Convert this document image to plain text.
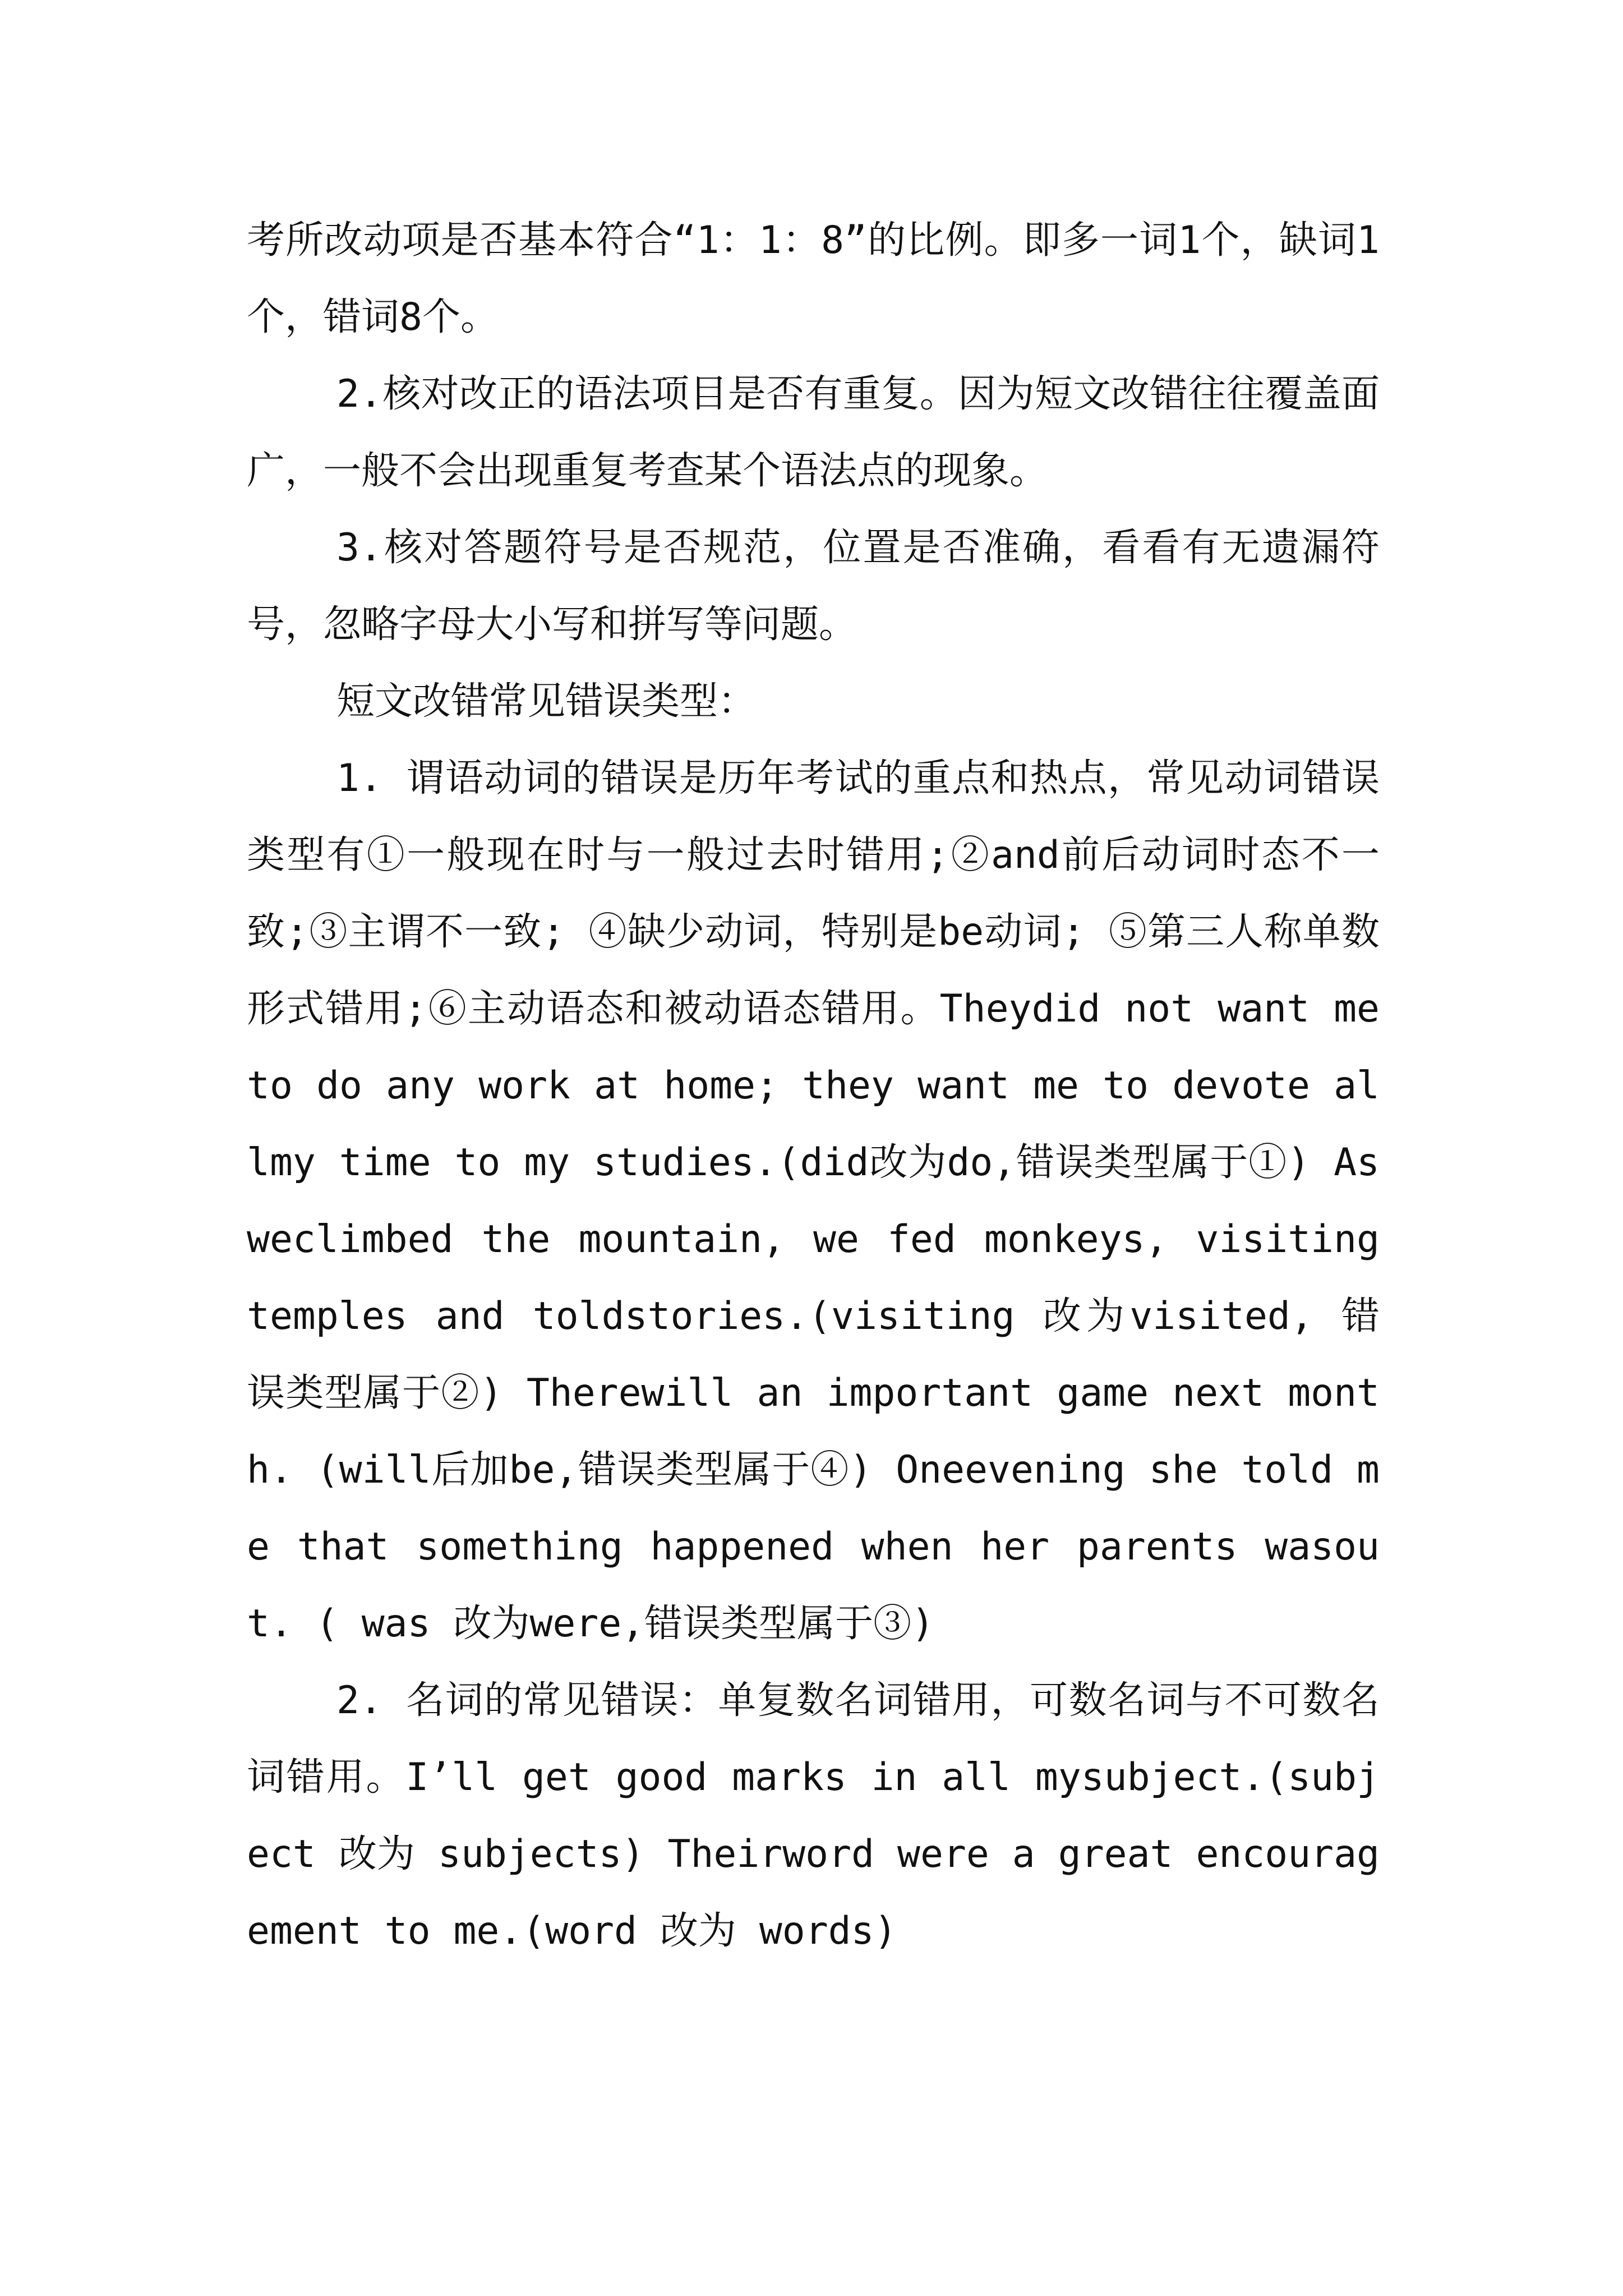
考所改动项是否基本符合“1：1：8”的比例。即多一词1个，缺词1个，错词8个。

2.核对改正的语法项目是否有重复。因为短文改错往往覆盖面广，一般不会出现重复考查某个语法点的现象。

3.核对答题符号是否规范，位置是否准确，看看有无遗漏符号，忽略字母大小写和拼写等问题。

短文改错常见错误类型：

1. 谓语动词的错误是历年考试的重点和热点，常见动词错误类型有①一般现在时与一般过去时错用;②and前后动词时态不一致;③主谓不一致; ④缺少动词，特别是be动词; ⑤第三人称单数形式错用;⑥主动语态和被动语态错用。Theydid not want me to do any work at home; they want me to devote allmy time to my studies.(did改为do,错误类型属于①) As weclimbed the mountain, we fed monkeys, visiting temples and toldstories.(visiting 改为visited, 错误类型属于②) Therewill an important game next month. (will后加be,错误类型属于④) Oneevening she told me that something happened when her parents wasout. ( was 改为were,错误类型属于③)

2. 名词的常见错误：单复数名词错用，可数名词与不可数名词错用。I’ll get good marks in all mysubject.(subject 改为 subjects) Theirword were a great encouragement to me.(word 改为 words)
